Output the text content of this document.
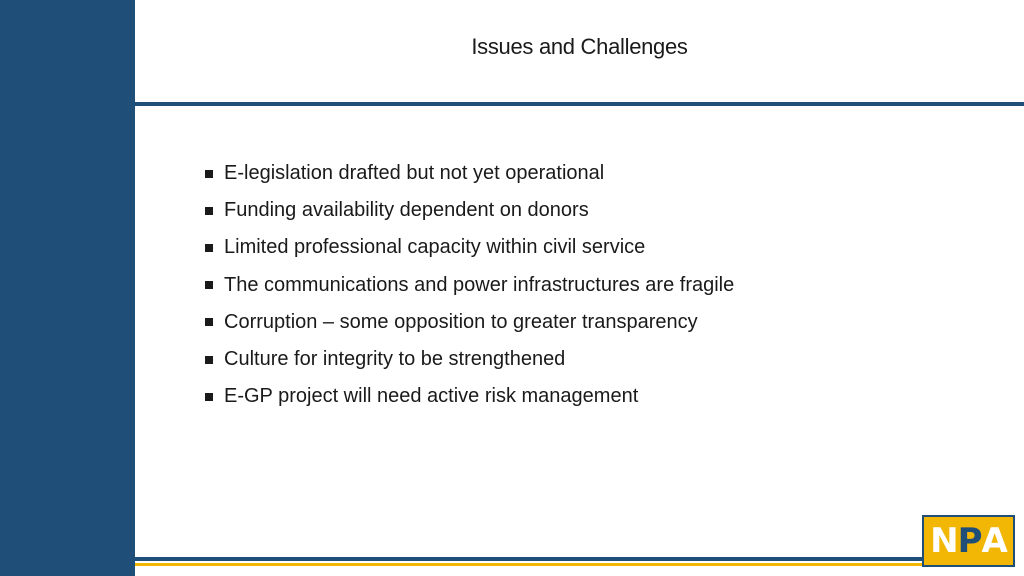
Issues and Challenges
E-legislation drafted but not yet operational
Funding availability dependent on donors
Limited professional capacity within civil service
The communications and power infrastructures are fragile
Corruption – some opposition to greater transparency
Culture for integrity to be strengthened
E-GP project will need active risk management
N P A
